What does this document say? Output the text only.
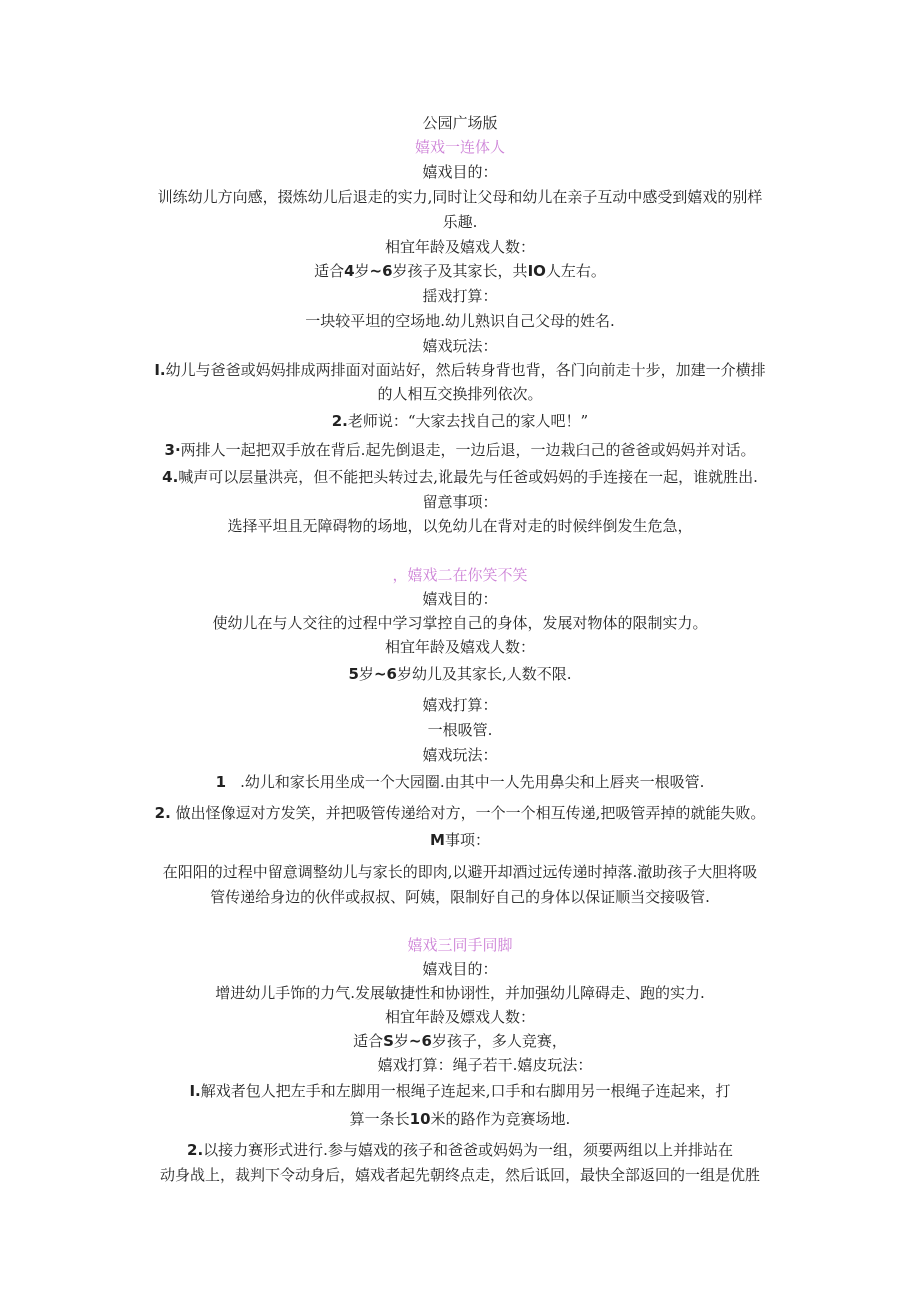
公园广场版
嬉戏一连体人
嬉戏目的：
训练幼儿方向感，掇炼幼儿后退走的实力,同时让父母和幼儿在亲子互动中感受到嬉戏的别样
乐趣.
相宜年龄及嬉戏人数：
适合4岁~6岁孩子及其家长，共IO人左右。
揺戏打算：
一块较平坦的空场地.幼儿熟识自己父母的姓名.
嬉戏玩法：
I.幼儿与爸爸或妈妈排成两排面对面站好，然后转身背也背，各门向前走十步，加建一介横排
的人相互交换排列依次。
2.老师说：“大家去找自己的家人吧！”
3·两排人一起把双手放在背后.起先倒退走，一边后退，一边栽臼己的爸爸或妈妈并对话。
4.喊声可以层量洪亮，但不能把头转过去,讹最先与任爸或妈妈的手连接在一起，谁就胜出.
留意事项：
选择平坦且无障碍物的场地，以免幼儿在背对走的时候绊倒发生危急，
，嬉戏二在你笑不笑
嬉戏目的：
使幼儿在与人交往的过程中学习掌控自己的身体，发展对物体的限制实力。
相宜年龄及嬉戏人数：
5岁~6岁幼儿及其家长,人数不限.
嬉戏打算：
一根吸管.
嬉戏玩法：
1 .幼儿和家长用坐成一个大园圈.由其中一人先用鼻尖和上唇夹一根吸管.
2. 做出怪像逗对方发笑，并把吸管传递给对方，一个一个相互传递,把吸管弄掉的就能失败。
M事项：
在阳阳的过程中留意调整幼儿与家长的即肉,以避开却酒过远传递时掉落.澈助孩子大胆将吸
管传递给身边的伙伴或叔叔、阿姨，限制好自己的身体以保证顺当交接吸管.
嬉戏三同手同脚
嬉戏目的：
增进幼儿手饰的力气.发展敏捷性和协诩性，并加强幼儿障碍走、跑的实力.
相宜年龄及嫖戏人数：
适合S岁~6岁孩子，多人竞赛，
嬉戏打算：绳子若干.嬉皮玩法：
I.解戏者包人把左手和左脚用一根绳子连起来,口手和右脚用另一根绳子连起来，打
算一条长10米的路作为竞赛场地.
2.以接力赛形式进行.参与嬉戏的孩子和爸爸或妈妈为一组，须要两组以上并排站在
动身战上，裁判下令动身后，嬉戏者起先朝终点走，然后诋回，最快全部返回的一组是优胜
